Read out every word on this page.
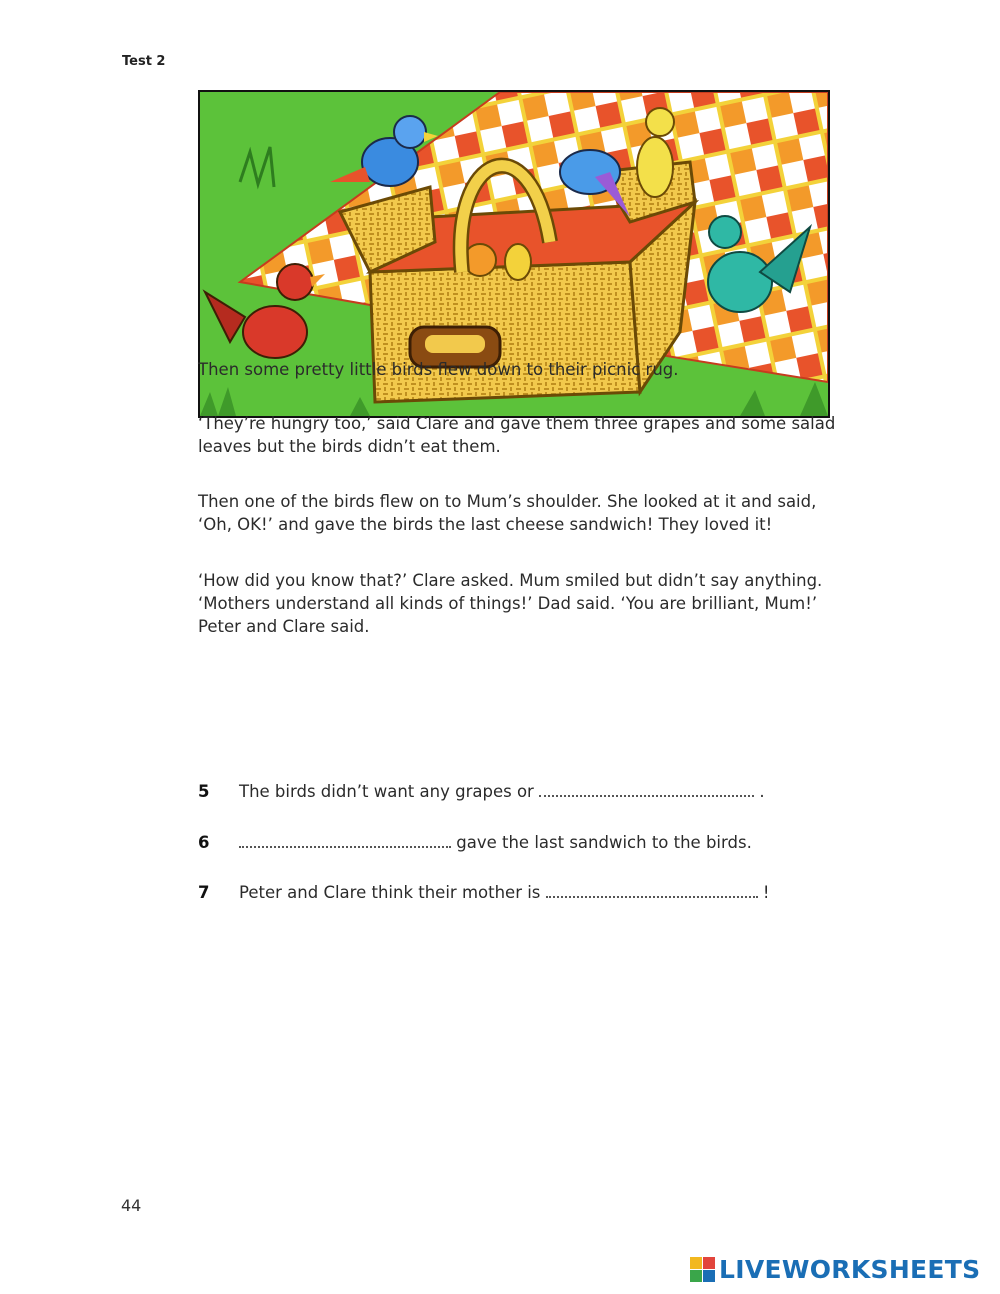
Test 2

Then some pretty little birds flew down to their picnic rug.

‘They’re hungry too,’ said Clare and gave them three grapes and some salad leaves but the birds didn’t eat them.

Then one of the birds flew on to Mum’s shoulder. She looked at it and said, ‘Oh, OK!’ and gave the birds the last cheese sandwich! They loved it!

‘How did you know that?’ Clare asked. Mum smiled but didn’t say anything. ‘Mothers understand all kinds of things!’ Dad said. ‘You are brilliant, Mum!’ Peter and Clare said.

5 The birds didn’t want any grapes or	.
6	gave the last sandwich to the birds.
7 Peter and Clare think their mother is	!
44
LIVEWORKSHEETS
